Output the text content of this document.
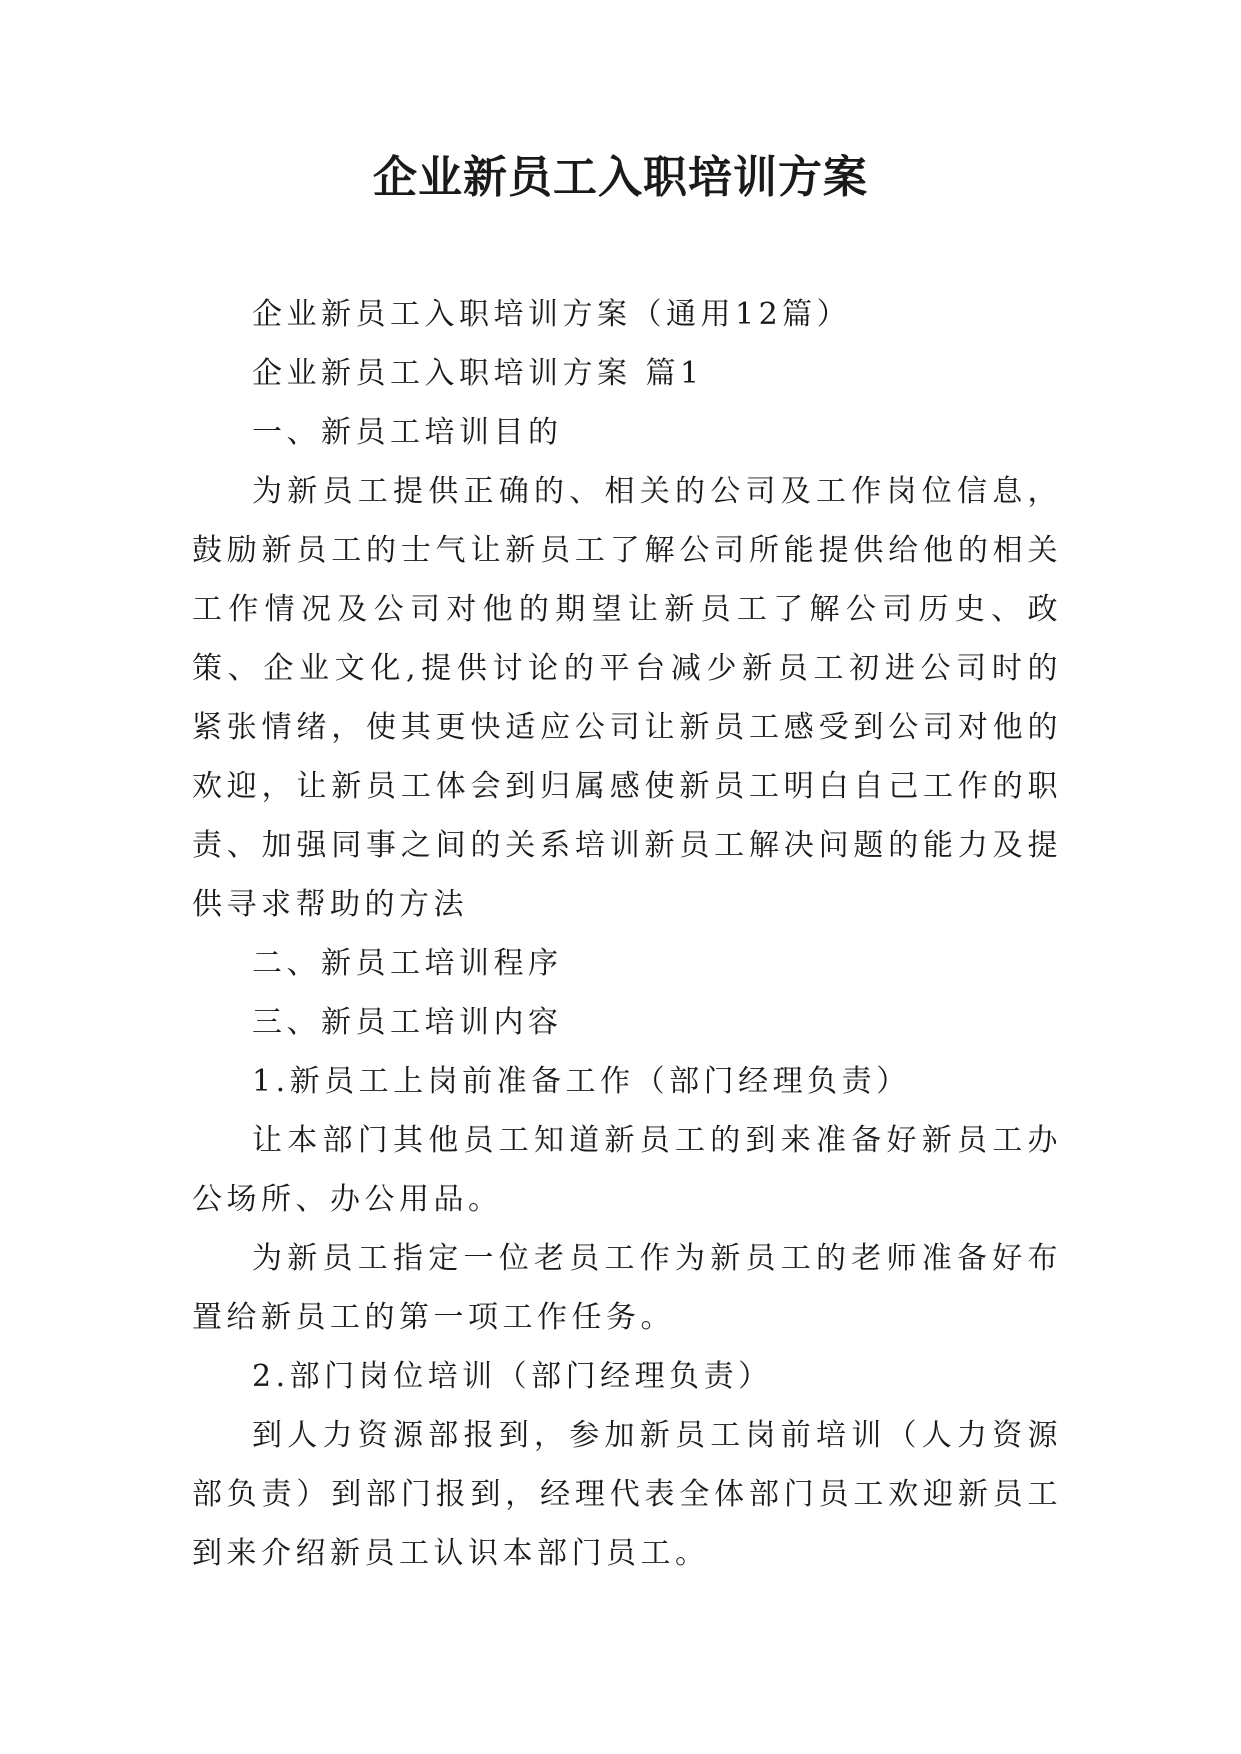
企业新员工入职培训方案

企业新员工入职培训方案（通用12篇）

企业新员工入职培训方案 篇1

一、新员工培训目的

为新员工提供正确的、相关的公司及工作岗位信息，鼓励新员工的士气让新员工了解公司所能提供给他的相关工作情况及公司对他的期望让新员工了解公司历史、政策、企业文化,提供讨论的平台减少新员工初进公司时的紧张情绪，使其更快适应公司让新员工感受到公司对他的欢迎，让新员工体会到归属感使新员工明白自己工作的职责、加强同事之间的关系培训新员工解决问题的能力及提供寻求帮助的方法

二、新员工培训程序

三、新员工培训内容

1.新员工上岗前准备工作（部门经理负责）

让本部门其他员工知道新员工的到来准备好新员工办公场所、办公用品。

为新员工指定一位老员工作为新员工的老师准备好布置给新员工的第一项工作任务。

2.部门岗位培训（部门经理负责）

到人力资源部报到，参加新员工岗前培训（人力资源部负责）到部门报到，经理代表全体部门员工欢迎新员工到来介绍新员工认识本部门员工。
